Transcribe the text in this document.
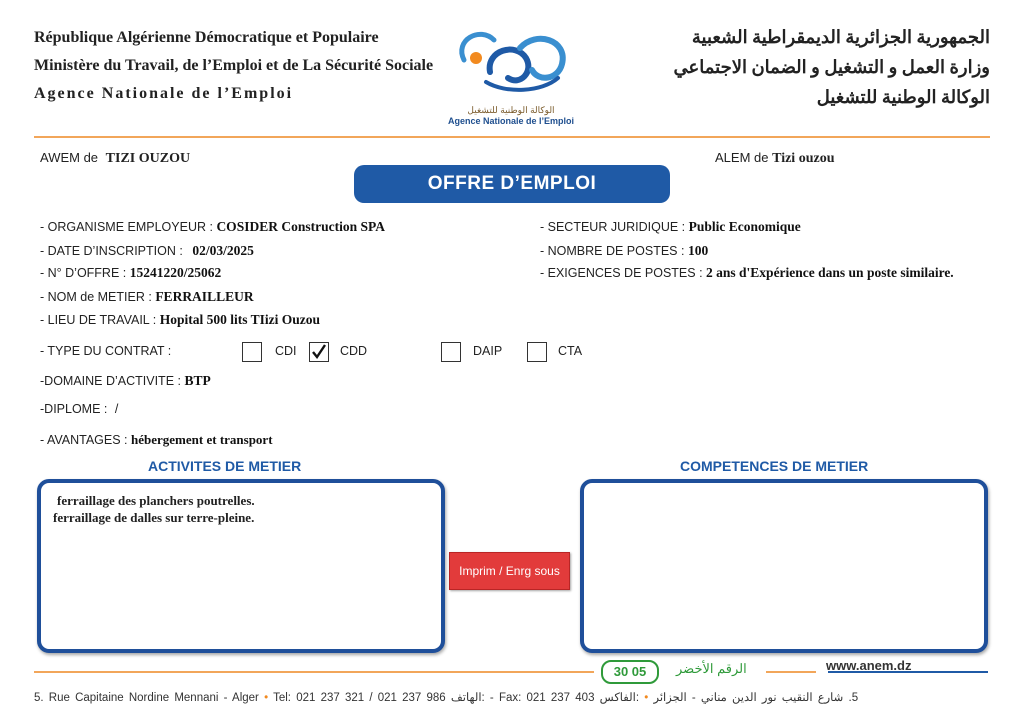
République Algérienne Démocratique et Populaire
Ministère du Travail, de l’Emploi et de La Sécurité Sociale
Agence Nationale de l’Emploi
الوكالة الوطنية للتشغيل
Agence Nationale de l’Emploi
الجمهورية الجزائرية الديمقراطية الشعبية
وزارة العمل و التشغيل و الضمان الاجتماعي
الوكالة الوطنية للتشغيل
AWEM de TIZI OUZOU	ALEM de Tizi ouzou
OFFRE D’EMPLOI
- ORGANISME EMPLOYEUR : COSIDER Construction SPA
- DATE D’INSCRIPTION : 02/03/2025
- N° D’OFFRE : 15241220/25062
- NOM de METIER : FERRAILLEUR
- LIEU DE TRAVAIL : Hopital 500 lits TIizi Ouzou
- SECTEUR JURIDIQUE : Public Economique
- NOMBRE DE POSTES : 100
- EXIGENCES DE POSTES : 2 ans d'Expérience dans un poste similaire.
- TYPE DU CONTRAT :	CDI	CDD	DAIP	CTA
-DOMAINE D’ACTIVITE : BTP
-DIPLOME : /
- AVANTAGES : hébergement et transport
ACTIVITES DE METIER	COMPETENCES DE METIER
ferraillage des planchers poutrelles.
ferraillage de dalles sur terre-pleine.
Imprim / Enrg sous
30 05	الرقم الأخضر	www.anem.dz
5. Rue Capitaine Nordine Mennani - Alger • Tel: 021 237 321 / 021 237 986 الهاتف: - Fax: 021 237 403 الفاكس: • 5. شارع النقيب نور الدين مناني - الجزائر
